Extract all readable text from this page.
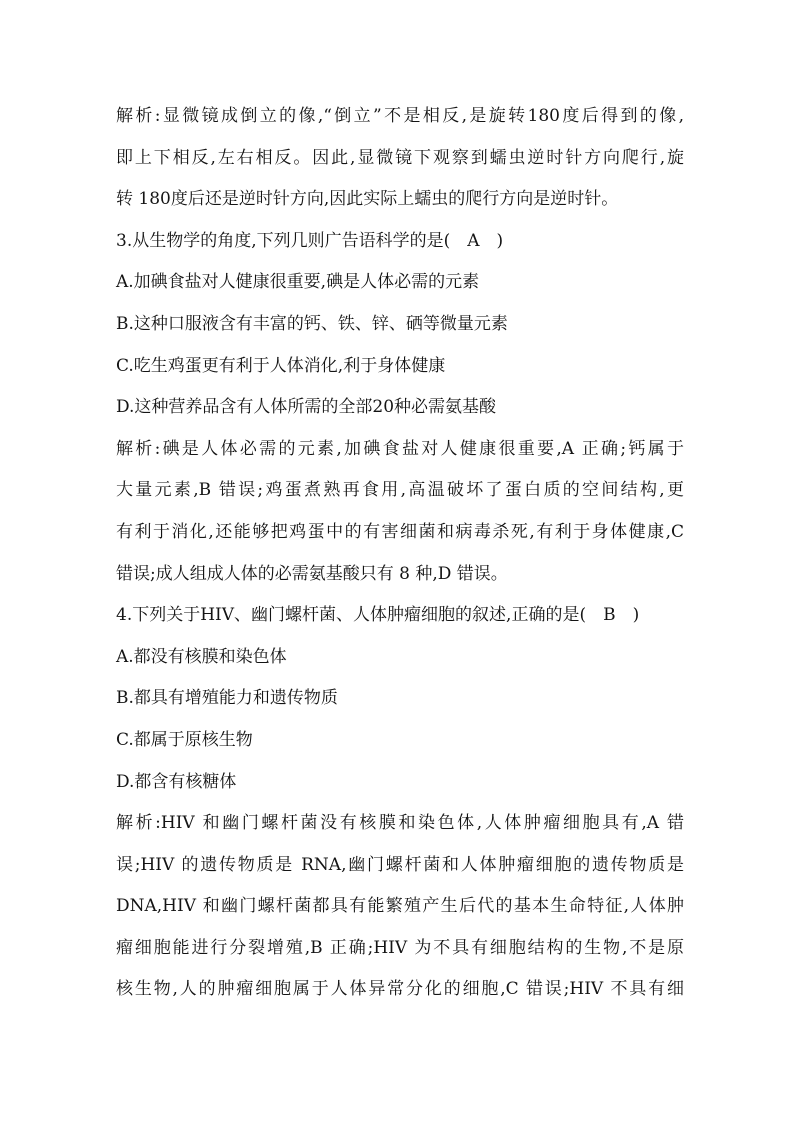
解析:显微镜成倒立的像,“倒立”不是相反,是旋转180度后得到的像,
即上下相反,左右相反。因此,显微镜下观察到蠕虫逆时针方向爬行,旋
转 180度后还是逆时针方向,因此实际上蠕虫的爬行方向是逆时针。
3.从生物学的角度,下列几则广告语科学的是(　A　)
A.加碘食盐对人健康很重要,碘是人体必需的元素
B.这种口服液含有丰富的钙、铁、锌、硒等微量元素
C.吃生鸡蛋更有利于人体消化,利于身体健康
D.这种营养品含有人体所需的全部20种必需氨基酸
解析:碘是人体必需的元素,加碘食盐对人健康很重要,A 正确;钙属于
大量元素,B 错误;鸡蛋煮熟再食用,高温破坏了蛋白质的空间结构,更
有利于消化,还能够把鸡蛋中的有害细菌和病毒杀死,有利于身体健康,C
错误;成人组成人体的必需氨基酸只有 8 种,D 错误。
4.下列关于HIV、幽门螺杆菌、人体肿瘤细胞的叙述,正确的是(　B　)
A.都没有核膜和染色体
B.都具有增殖能力和遗传物质
C.都属于原核生物
D.都含有核糖体
解析:HIV 和幽门螺杆菌没有核膜和染色体,人体肿瘤细胞具有,A 错
误;HIV 的遗传物质是 RNA,幽门螺杆菌和人体肿瘤细胞的遗传物质是
DNA,HIV 和幽门螺杆菌都具有能繁殖产生后代的基本生命特征,人体肿
瘤细胞能进行分裂增殖,B 正确;HIV 为不具有细胞结构的生物,不是原
核生物,人的肿瘤细胞属于人体异常分化的细胞,C 错误;HIV 不具有细
